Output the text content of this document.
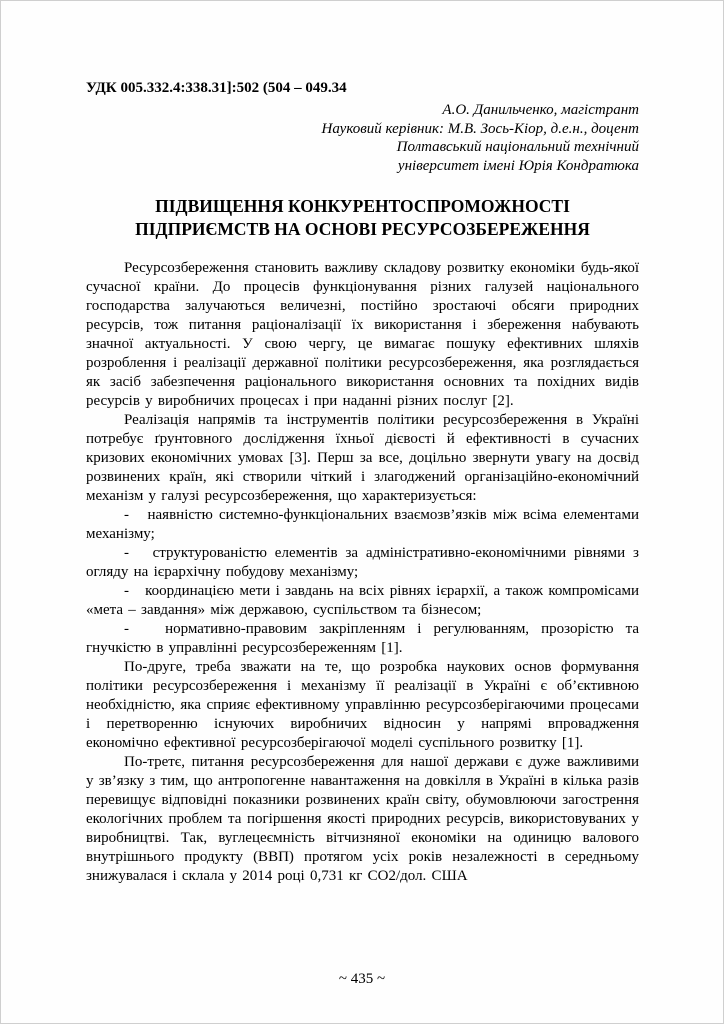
УДК 005.332.4:338.31]:502 (504 – 049.34
А.О. Данильченко, магістрант
Науковий керівник: М.В. Зось-Кіор, д.е.н., доцент
Полтавський національний технічний
університет імені Юрія Кондратюка
ПІДВИЩЕННЯ КОНКУРЕНТОСПРОМОЖНОСТІ
ПІДПРИЄМСТВ НА ОСНОВІ РЕСУРСОЗБЕРЕЖЕННЯ

Ресурсозбереження становить важливу складову розвитку економіки будь-якої сучасної країни. До процесів функціонування різних галузей національного господарства залучаються величезні, постійно зростаючі обсяги природних ресурсів, тож питання раціоналізації їх використання і збереження набувають значної актуальності. У свою чергу, це вимагає пошуку ефективних шляхів розроблення і реалізації державної політики ресурсозбереження, яка розглядається як засіб забезпечення раціонального використання основних та похідних видів ресурсів у виробничих процесах і при наданні різних послуг [2].

Реалізація напрямів та інструментів політики ресурсозбереження в Україні потребує ґрунтовного дослідження їхньої дієвості й ефективності в сучасних кризових економічних умовах [3]. Перш за все, доцільно звернути увагу на досвід розвинених країн, які створили чіткий і злагоджений організаційно-економічний механізм у галузі ресурсозбереження, що характеризується:

-   наявністю системно-функціональних взаємозв’язків між всіма елементами механізму;

-   структурованістю елементів за адміністративно-економічними рівнями з огляду на ієрархічну побудову механізму;

-   координацією мети і завдань на всіх рівнях ієрархії, а також компромісами «мета – завдання» між державою, суспільством та бізнесом;

-   нормативно-правовим закріпленням і регулюванням, прозорістю та гнучкістю в управлінні ресурсозбереженням [1].

По-друге, треба зважати на те, що розробка наукових основ формування політики ресурсозбереження і механізму її реалізації в Україні є об’єктивною необхідністю, яка сприяє ефективному управлінню ресурсозберігаючими процесами і перетворенню існуючих виробничих відносин у напрямі впровадження економічно ефективної ресурсозберігаючої моделі суспільного розвитку [1].

По-третє, питання ресурсозбереження для нашої держави є дуже важливими у зв’язку з тим, що антропогенне навантаження на довкілля в Україні в кілька разів перевищує відповідні показники розвинених країн світу, обумовлюючи загострення екологічних проблем та погіршення якості природних ресурсів, використовуваних у виробництві. Так, вуглецеємність вітчизняної економіки на одиницю валового внутрішнього продукту (ВВП) протягом усіх років незалежності в середньому знижувалася і склала у 2014 році 0,731 кг СО2/дол. США

~ 435 ~
